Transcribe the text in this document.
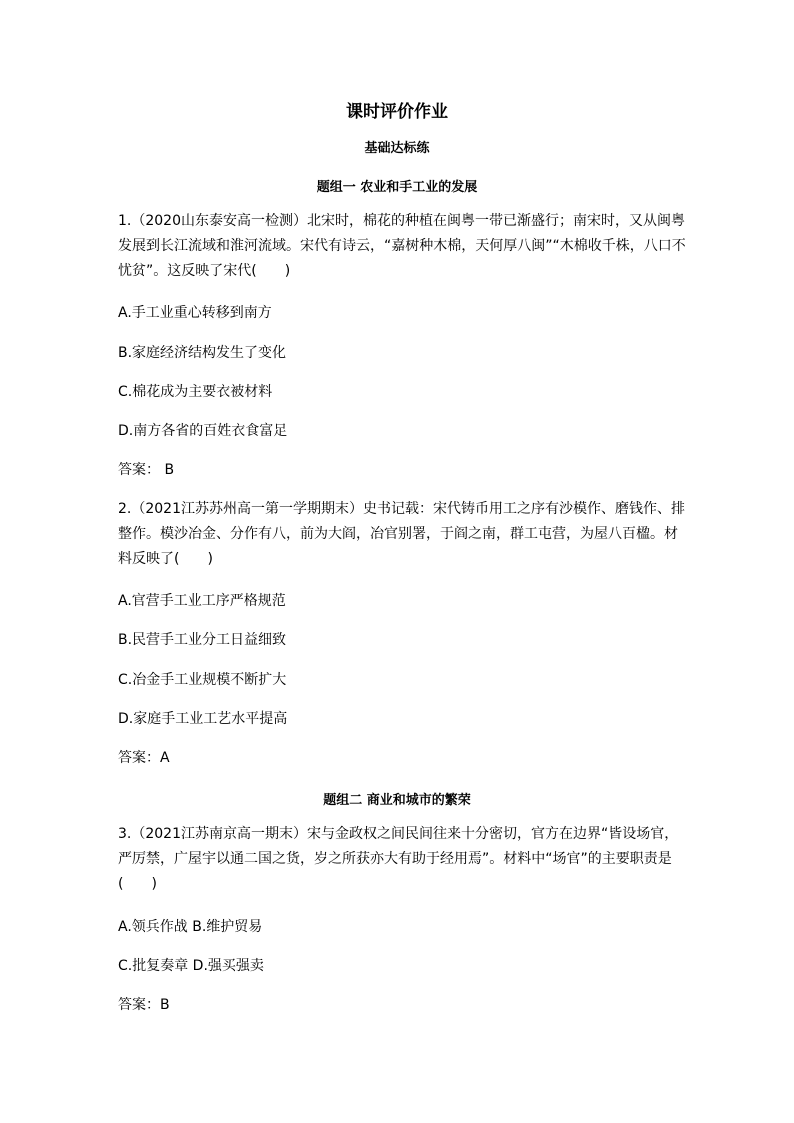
课时评价作业
基础达标练
题组一 农业和手工业的发展
1.（2020山东泰安高一检测）北宋时，棉花的种植在闽粤一带已渐盛行；南宋时，又从闽粤发展到长江流域和淮河流域。宋代有诗云，“嘉树种木棉，天何厚八闽”“木棉收千株，八口不忧贫”。这反映了宋代(　　)
A.手工业重心转移到南方
B.家庭经济结构发生了变化
C.棉花成为主要衣被材料
D.南方各省的百姓衣食富足
答案： B
2.（2021江苏苏州高一第一学期期末）史书记载：宋代铸币用工之序有沙模作、磨钱作、排整作。模沙冶金、分作有八，前为大阎，冶官别署，于阎之南，群工屯营，为屋八百楹。材料反映了(　　)
A.官营手工业工序严格规范
B.民营手工业分工日益细致
C.冶金手工业规模不断扩大
D.家庭手工业工艺水平提高
答案：A
题组二 商业和城市的繁荣
3.（2021江苏南京高一期末）宋与金政权之间民间往来十分密切，官方在边界“皆设场官，严厉禁，广屋宇以通二国之货，岁之所获亦大有助于经用焉”。材料中“场官”的主要职责是(　　)
A.领兵作战 B.维护贸易
C.批复奏章 D.强买强卖
答案：B
